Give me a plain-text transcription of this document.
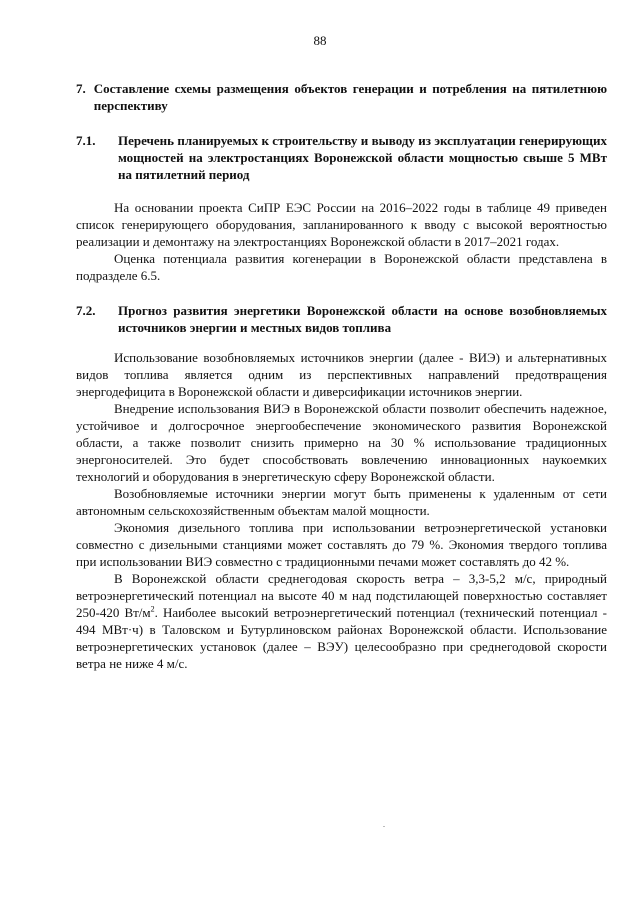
88
7. Составление схемы размещения объектов генерации и потребления на пятилетнюю перспективу
7.1.	Перечень планируемых к строительству и выводу из эксплуатации генерирующих мощностей на электростанциях Воронежской области мощностью свыше 5 МВт на пятилетний период

На основании проекта СиПР ЕЭС России на 2016–2022 годы в таблице 49 приведен список генерирующего оборудования, запланированного к вводу с высокой вероятностью реализации и демонтажу на электростанциях Воронежской области в 2017–2021 годах.

Оценка потенциала развития когенерации в Воронежской области представлена в подразделе 6.5.

7.2.	Прогноз развития энергетики Воронежской области на основе возобновляемых источников энергии и местных видов топлива

Использование возобновляемых источников энергии (далее - ВИЭ) и альтернативных видов топлива является одним из перспективных направлений предотвращения энергодефицита в Воронежской области и диверсификации источников энергии.

Внедрение использования ВИЭ в Воронежской области позволит обеспечить надежное, устойчивое и долгосрочное энергообеспечение экономического развития Воронежской области, а также позволит снизить примерно на 30 % использование традиционных энергоносителей. Это будет способствовать вовлечению инновационных наукоемких технологий и оборудования в энергетическую сферу Воронежской области.

Возобновляемые источники энергии могут быть применены к удаленным от сети автономным сельскохозяйственным объектам малой мощности.

Экономия дизельного топлива при использовании ветроэнергетической установки совместно с дизельными станциями может составлять до 79 %. Экономия твердого топлива при использовании ВИЭ совместно с традиционными печами может составлять до 42 %.

В Воронежской области среднегодовая скорость ветра – 3,3-5,2 м/с, природный ветроэнергетический потенциал на высоте 40 м над подстилающей поверхностью составляет 250-420 $Вт/м^2$. Наиболее высокий ветроэнергетический потенциал (технический потенциал - 494 МВт·ч) в Таловском и Бутурлиновском районах Воронежской области. Использование ветроэнергетических установок (далее – ВЭУ) целесообразно при среднегодовой скорости ветра не ниже 4 м/с.
